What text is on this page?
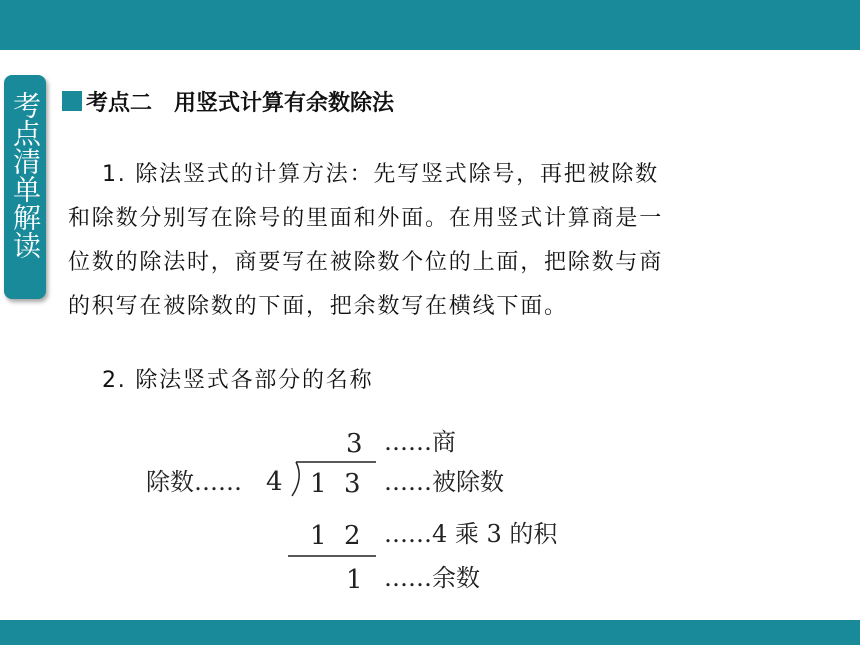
考点清单解读 考点二　用竖式计算有余数除法

1. 除法竖式的计算方法：先写竖式除号，再把被除数

和除数分别写在除号的里面和外面。在用竖式计算商是一

位数的除法时，商要写在被除数个位的上面，把除数与商

的积写在被除数的下面，把余数写在横线下面。

2. 除法竖式各部分的名称
3 ……商
除数…… 4 1 3 ……被除数
1 2 ……4 乘 3 的积
1 ……余数
